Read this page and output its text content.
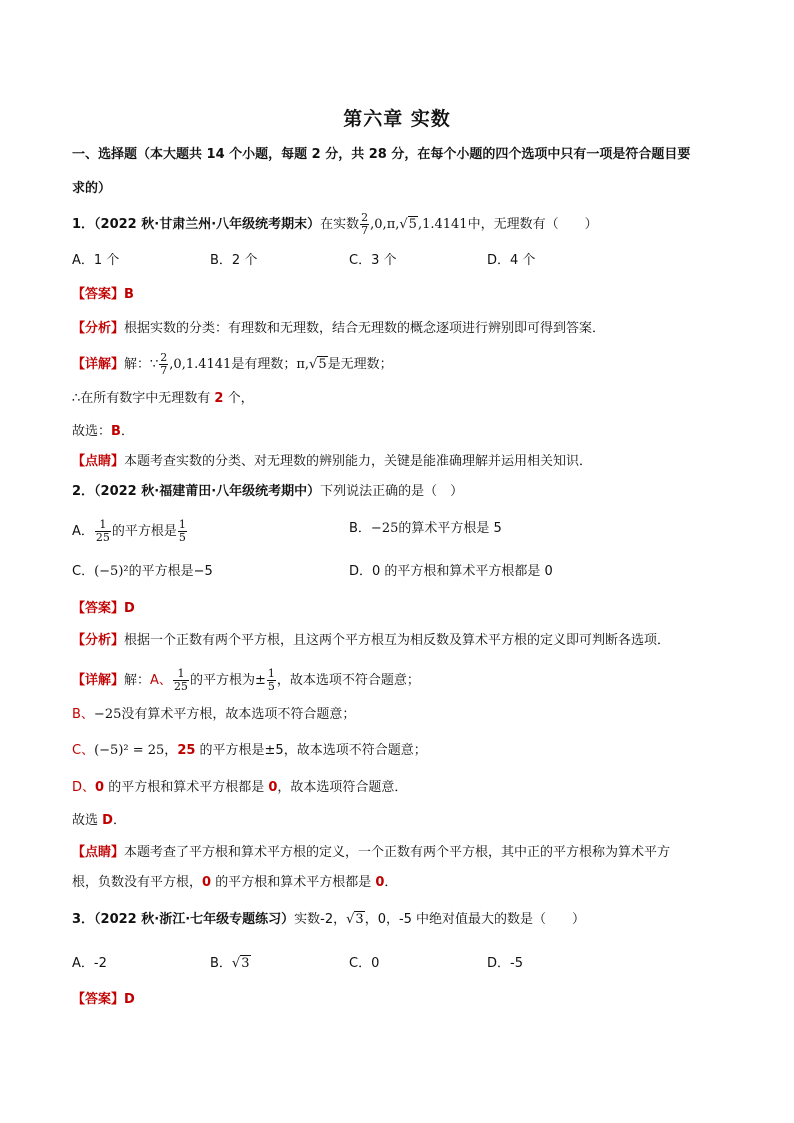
第六章 实数
一、选择题（本大题共 14 个小题，每题 2 分，共 28 分，在每个小题的四个选项中只有一项是符合题目要
求的）
1．（2022 秋·甘肃兰州·八年级统考期末）在实数 $\frac{2}{7} ,0,\pi,√5,1.4141$中，无理数有（　　）
A．1 个	B．2 个	C．3 个	D．4 个
【答案】B
【分析】根据实数的分类：有理数和无理数，结合无理数的概念逐项进行辨别即可得到答案．
【详解】解：∵ $\frac{2}{7} ,0,1.4141$是有理数；π,√5是无理数；
∴在所有数字中无理数有 2 个，
故选：B．
【点睛】本题考查实数的分类、对无理数的辨别能力，关键是能准确理解并运用相关知识．
2．（2022 秋·福建莆田·八年级统考期中）下列说法正确的是（　）
A． $\frac{1}{25}$ 的平方根是 $\frac{1}{5}$	B．−25的算术平方根是 5
C．(−5)²的平方根是−5	D．0 的平方根和算术平方根都是 0
【答案】D
【分析】根据一个正数有两个平方根，且这两个平方根互为相反数及算术平方根的定义即可判断各选项．
【详解】解：A、 $\frac{1}{25}$ 的平方根为± $\frac{1}{5}$ ，故本选项不符合题意；
B、−25没有算术平方根，故本选项不符合题意；
C、(−5)² = 25，25 的平方根是±5，故本选项不符合题意；
D、0 的平方根和算术平方根都是 0，故本选项符合题意．
故选 D．
【点睛】本题考查了平方根和算术平方根的定义，一个正数有两个平方根，其中正的平方根称为算术平方
根，负数没有平方根，0 的平方根和算术平方根都是 0．
3．（2022 秋·浙江·七年级专题练习）实数-2，√3，0，-5 中绝对值最大的数是（　　）
A．-2	B．√3	C．0	D．-5
【答案】D
